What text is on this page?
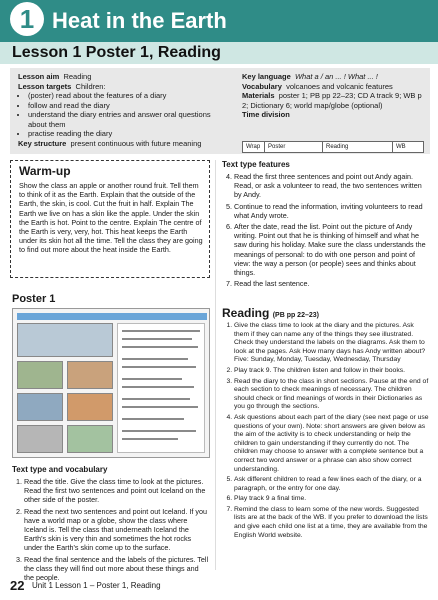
1 Heat in the Earth
Lesson 1 Poster 1, Reading
Lesson aim Reading
Lesson targets Children:
• (poster) read about the features of a diary
• follow and read the diary
• understand the diary entries and answer oral questions about them
• practise reading the diary
Key structure present continuous with future meaning
Key language What a / an ... ! What ... !
Vocabulary volcanoes and volcanic features
Materials poster 1; PB pp 22–23; CD A track 9; WB p 2; Dictionary 6; world map/globe (optional)
Time division
Wrap	Poster	Reading	WB
Warm-up
Show the class an apple or another round fruit. Tell them to think of it as the Earth. Explain that the outside of the Earth, the skin, is cool. Cut the fruit in half. Explain The Earth we live on has a skin like the apple. Under the skin the Earth is hot. Point to the centre. Explain The centre of the Earth is very, very, hot. This heat keeps the Earth under its skin hot all the time. Tell the class they are going to find out more about the heat inside the Earth.
Poster 1
Text type and vocabulary
1. Read the title. Give the class time to look at the pictures. Read the first two sentences and point out Iceland on the other side of the poster.
2. Read the next two sentences and point out Iceland. If you have a world map or a globe, show the class where Iceland is. Tell the class that underneath Iceland the Earth's skin is very thin and sometimes the hot rocks under the Earth's skin come up to the surface.
3. Read the final sentence and the labels of the pictures. Tell the class they will find out more about these things and the people.
Text type features
4. Read the first three sentences and point out Andy again. Read, or ask a volunteer to read, the two sentences written by Andy.
5. Continue to read the information, inviting volunteers to read what Andy wrote.
6. After the date, read the list. Point out the picture of Andy writing. Point out that he is thinking of himself and what he saw during his holiday. Make sure the class understands the meanings of personal: to do with one person and point of view: the way a person (or people) sees and thinks about things.
7. Read the last sentence.
Reading (PB pp 22–23)
1. Give the class time to look at the diary and the pictures. Ask them if they can name any of the things they see illustrated. Check they understand the labels on the diagrams. Ask them to look at the pages. Ask How many days has Andy written about? Five: Sunday, Monday, Tuesday, Wednesday, Thursday
2. Play track 9. The children listen and follow in their books.
3. Read the diary to the class in short sections. Pause at the end of each section to check meanings of necessary. The children should check or find meanings of words in their Dictionaries as you go through the sections.
4. Ask questions about each part of the diary (see next page or use questions of your own). Note: short answers are given below as the aim of the activity is to check understanding or help the children to gain understanding if they currently do not. The children may choose to answer with a complete sentence but a correct two word answer or a phrase can also show correct understanding.
5. Ask different children to read a few lines each of the diary, or a paragraph, or the entry for one day.
6. Play track 9 a final time.
7. Remind the class to learn some of the new words. Suggested lists are at the back of the WB. If you prefer to download the lists and give each child one list at a time, they are available from the English World website.
22 Unit 1 Lesson 1 – Poster 1, Reading
